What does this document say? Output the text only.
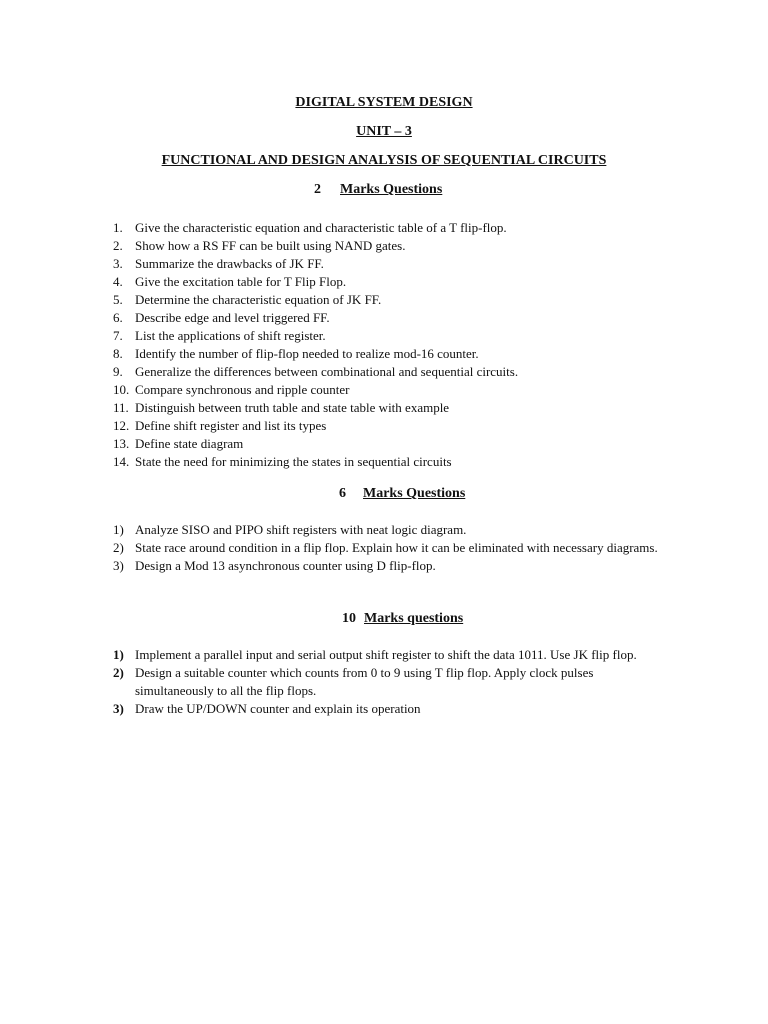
DIGITAL SYSTEM DESIGN
UNIT – 3
FUNCTIONAL AND DESIGN ANALYSIS OF SEQUENTIAL CIRCUITS
2 Marks Questions
1. Give the characteristic equation and characteristic table of a T flip-flop.
2. Show how a RS FF can be built using NAND gates.
3. Summarize the drawbacks of JK FF.
4. Give the excitation table for T Flip Flop.
5. Determine the characteristic equation of JK FF.
6. Describe edge and level triggered FF.
7. List the applications of shift register.
8. Identify the number of flip-flop needed to realize mod-16 counter.
9. Generalize the differences between combinational and sequential circuits.
10. Compare synchronous and ripple counter
11. Distinguish between truth table and state table with example
12. Define shift register and list its types
13. Define state diagram
14. State the need for minimizing the states in sequential circuits
6 Marks Questions
1) Analyze SISO and PIPO shift registers with neat logic diagram.
2) State race around condition in a flip flop. Explain how it can be eliminated with necessary diagrams.
3) Design a Mod 13 asynchronous counter using D flip-flop.
10 Marks questions
1) Implement a parallel input and serial output shift register to shift the data 1011. Use JK flip flop.
2) Design a suitable counter which counts from 0 to 9 using T flip flop. Apply clock pulses simultaneously to all the flip flops.
3) Draw the UP/DOWN counter and explain its operation
